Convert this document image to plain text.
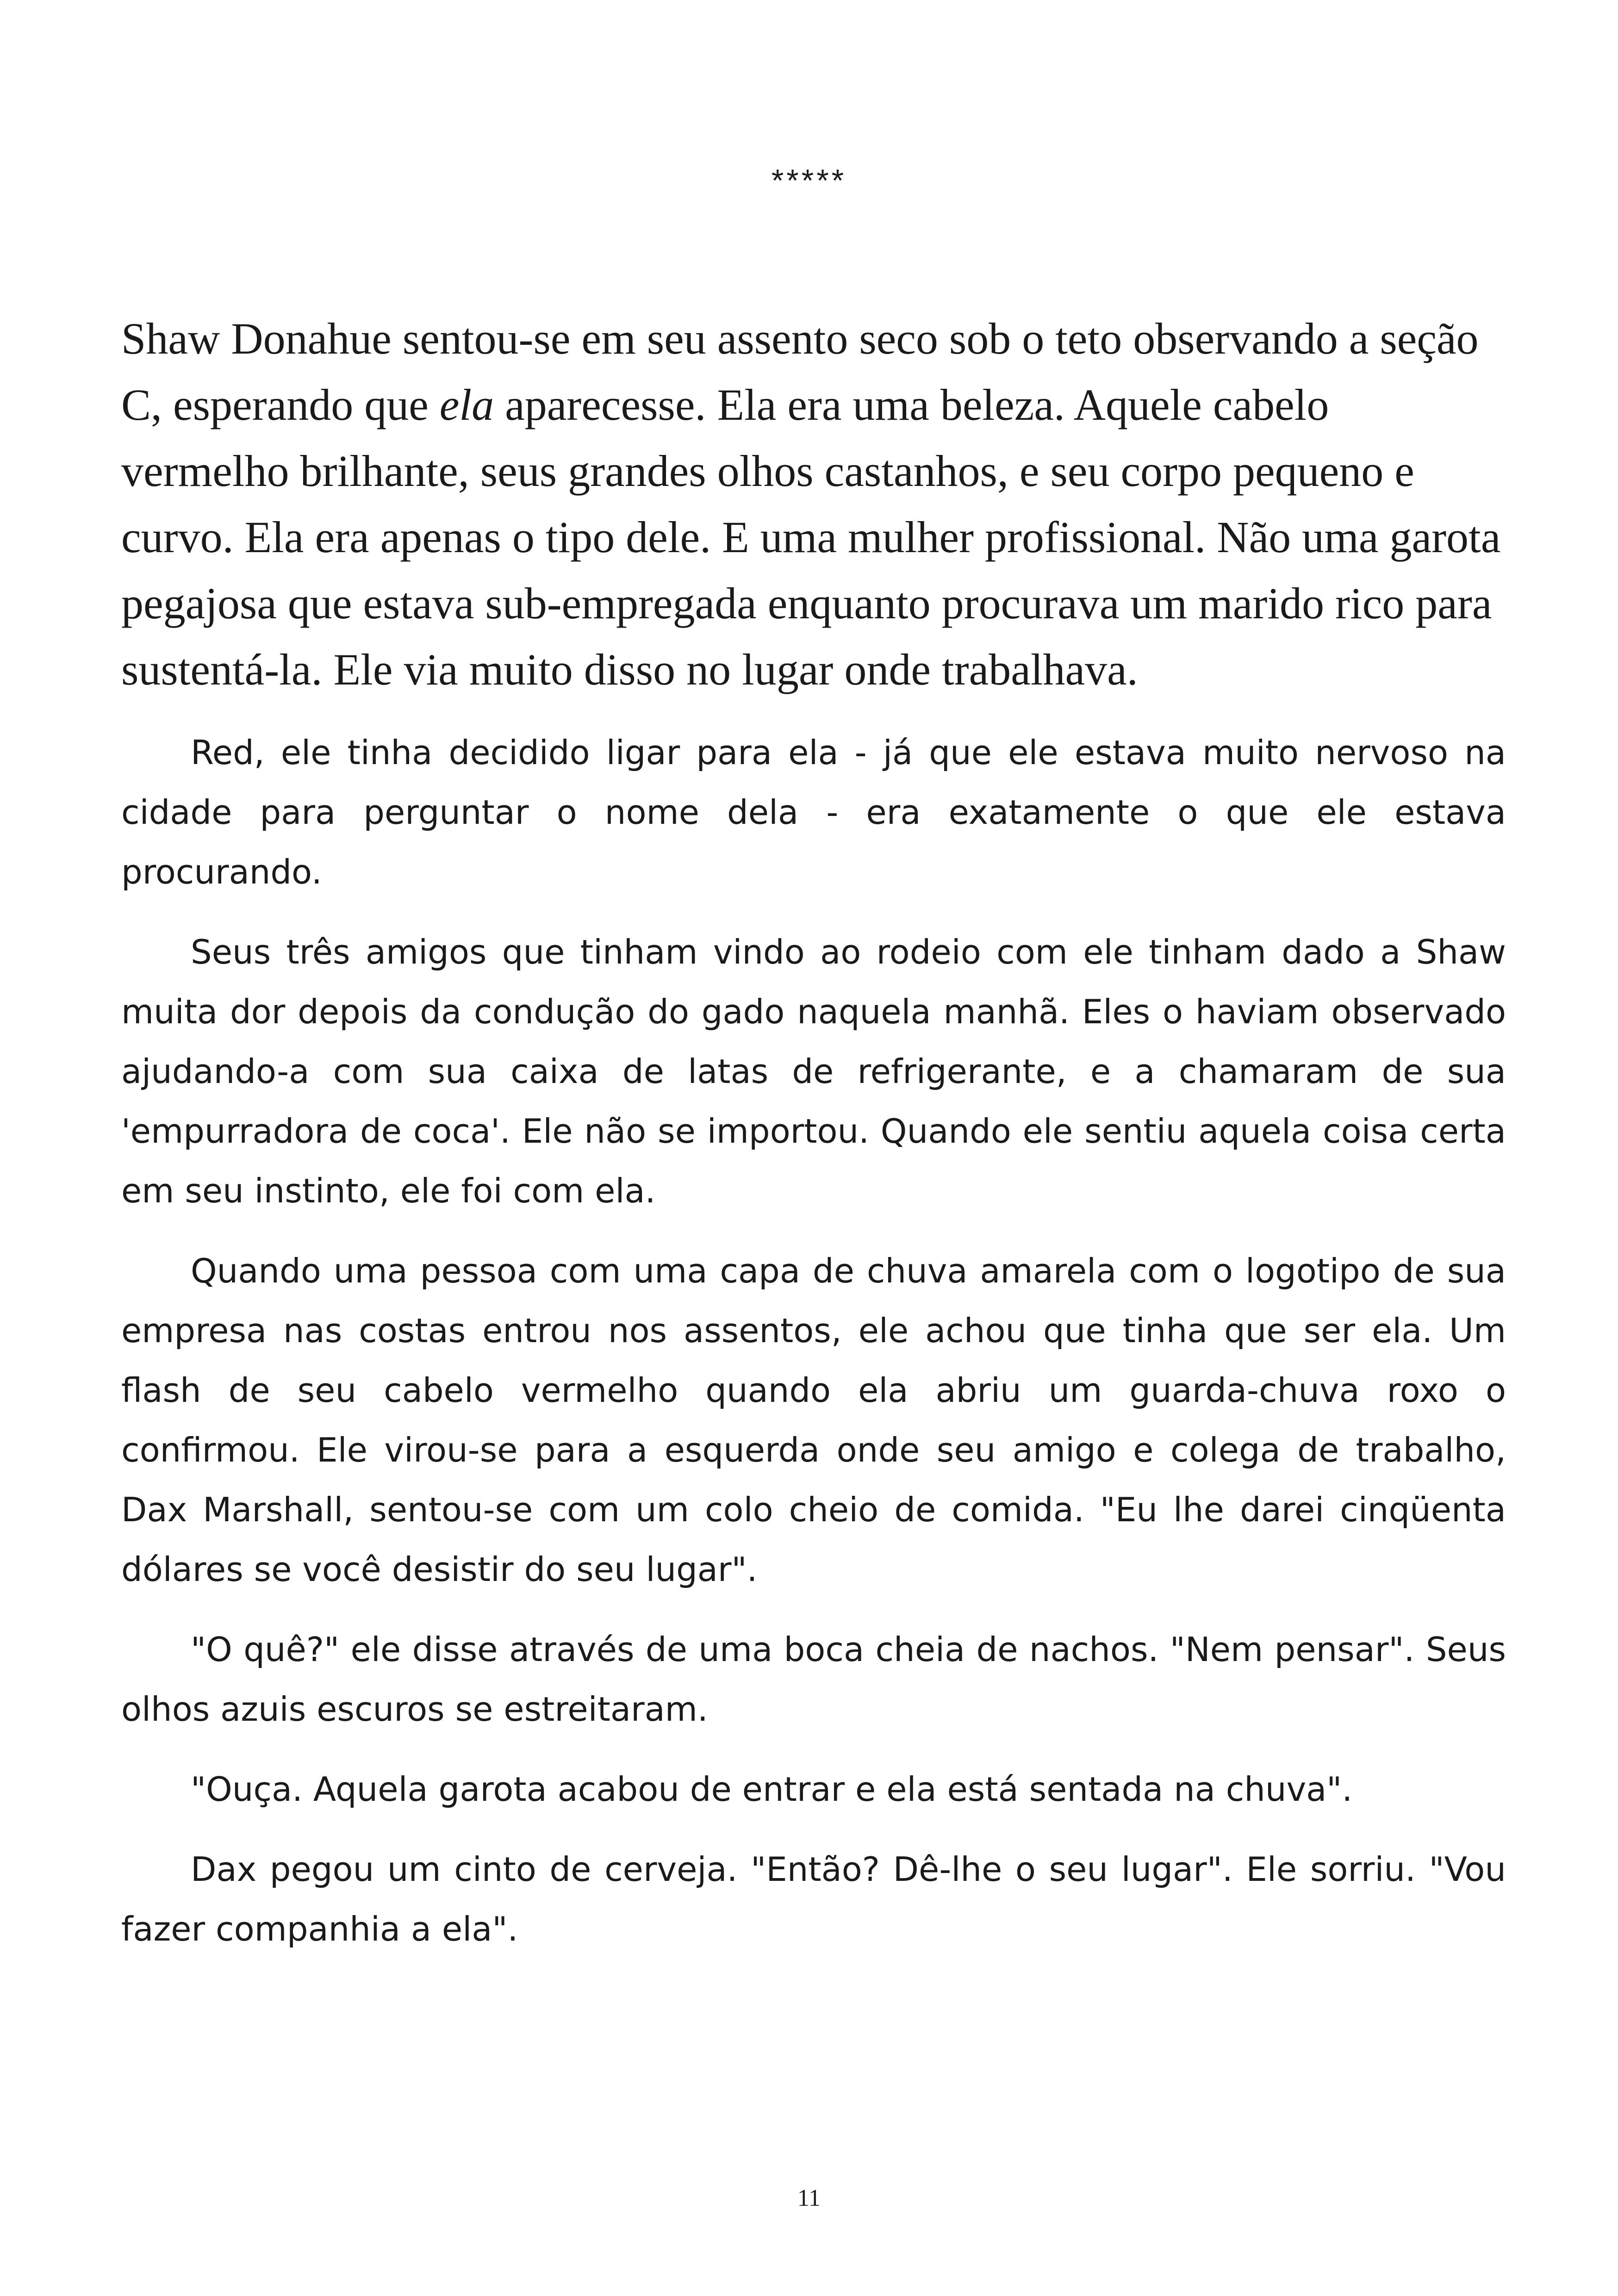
*****

Shaw Donahue sentou-se em seu assento seco sob o teto observando a seção C, esperando que ela aparecesse. Ela era uma beleza. Aquele cabelo vermelho brilhante, seus grandes olhos castanhos, e seu corpo pequeno e curvo. Ela era apenas o tipo dele. E uma mulher profissional. Não uma garota pegajosa que estava sub-empregada enquanto procurava um marido rico para sustentá-la. Ele via muito disso no lugar onde trabalhava.

Red, ele tinha decidido ligar para ela - já que ele estava muito nervoso na cidade para perguntar o nome dela - era exatamente o que ele estava procurando.

Seus três amigos que tinham vindo ao rodeio com ele tinham dado a Shaw muita dor depois da condução do gado naquela manhã. Eles o haviam observado ajudando-a com sua caixa de latas de refrigerante, e a chamaram de sua 'empurradora de coca'. Ele não se importou. Quando ele sentiu aquela coisa certa em seu instinto, ele foi com ela.

Quando uma pessoa com uma capa de chuva amarela com o logotipo de sua empresa nas costas entrou nos assentos, ele achou que tinha que ser ela. Um flash de seu cabelo vermelho quando ela abriu um guarda-chuva roxo o confirmou. Ele virou-se para a esquerda onde seu amigo e colega de trabalho, Dax Marshall, sentou-se com um colo cheio de comida. "Eu lhe darei cinqüenta dólares se você desistir do seu lugar".

"O quê?" ele disse através de uma boca cheia de nachos. "Nem pensar". Seus olhos azuis escuros se estreitaram.

"Ouça. Aquela garota acabou de entrar e ela está sentada na chuva".

Dax pegou um cinto de cerveja. "Então? Dê-lhe o seu lugar". Ele sorriu. "Vou fazer companhia a ela".

11
